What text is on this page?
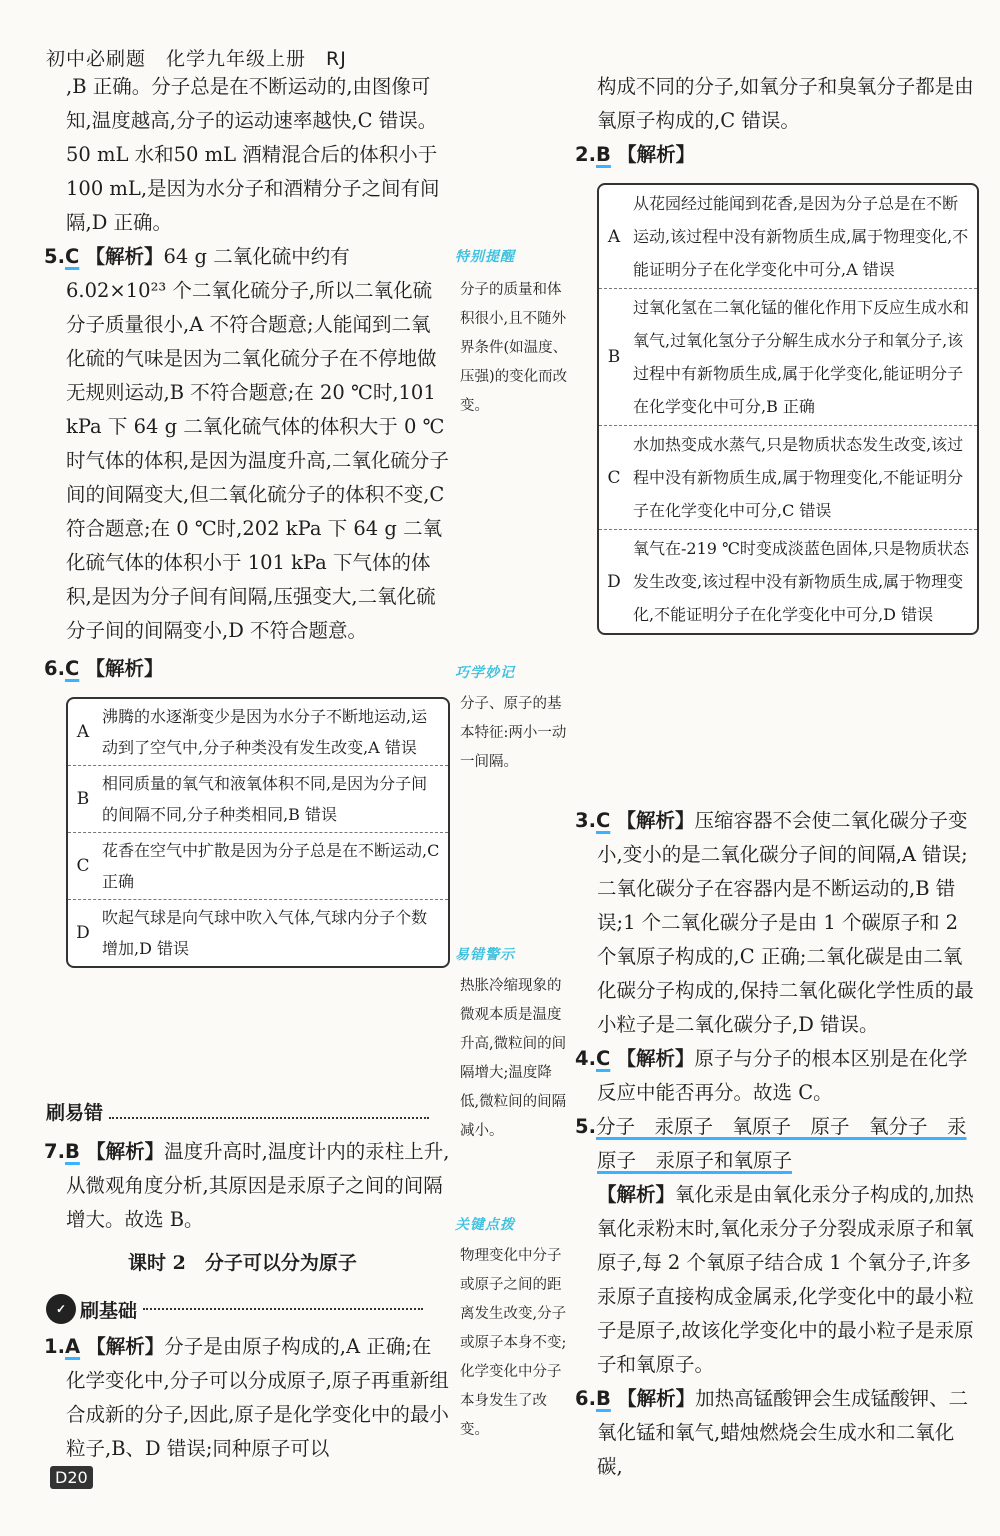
初中必刷题　化学九年级上册　RJ

,B 正确。分子总是在不断运动的,由图像可知,温度越高,分子的运动速率越快,C 错误。50 mL 水和50 mL 酒精混合后的体积小于 100 mL,是因为水分子和酒精分子之间有间隔,D 正确。

5.C 【解析】64 g 二氧化硫中约有 6.02×10²³ 个二氧化硫分子,所以二氧化硫分子质量很小,A 不符合题意;人能闻到二氧化硫的气味是因为二氧化硫分子在不停地做无规则运动,B 不符合题意;在 20 ℃时,101 kPa 下 64 g 二氧化硫气体的体积大于 0 ℃时气体的体积,是因为温度升高,二氧化硫分子间的间隔变大,但二氧化硫分子的体积不变,C 符合题意;在 0 ℃时,202 kPa 下 64 g 二氧化硫气体的体积小于 101 kPa 下气体的体积,是因为分子间有间隔,压强变大,二氧化硫分子间的间隔变小,D 不符合题意。

6.C 【解析】

A
沸腾的水逐渐变少是因为水分子不断地运动,运动到了空气中,分子种类没有发生改变,A 错误
B
相同质量的氧气和液氧体积不同,是因为分子间的间隔不同,分子种类相同,B 错误
C
花香在空气中扩散是因为分子总是在不断运动,C 正确
D
吹起气球是向气球中吹入气体,气球内分子个数增加,D 错误
刷易错

7.B 【解析】温度升高时,温度计内的汞柱上升,从微观角度分析,其原因是汞原子之间的间隔增大。故选 B。

课时 2　分子可以分为原子
✓ 刷基础

1.A 【解析】分子是由原子构成的,A 正确;在化学变化中,分子可以分成原子,原子再重新组合成新的分子,因此,原子是化学变化中的最小粒子,B、D 错误;同种原子可以

特别提醒
分子的质量和体积很小,且不随外界条件(如温度、压强)的变化而改变。
巧学妙记
分子、原子的基本特征:两小一动一间隔。
易错警示
热胀冷缩现象的微观本质是温度升高,微粒间的间隔增大;温度降低,微粒间的间隔减小。
关键点拨
物理变化中分子或原子之间的距离发生改变,分子或原子本身不变;化学变化中分子本身发生了改变。

构成不同的分子,如氧分子和臭氧分子都是由氧原子构成的,C 错误。

2.B 【解析】

A
从花园经过能闻到花香,是因为分子总是在不断运动,该过程中没有新物质生成,属于物理变化,不能证明分子在化学变化中可分,A 错误
B
过氧化氢在二氧化锰的催化作用下反应生成水和氧气,过氧化氢分子分解生成水分子和氧分子,该过程中有新物质生成,属于化学变化,能证明分子在化学变化中可分,B 正确
C
水加热变成水蒸气,只是物质状态发生改变,该过程中没有新物质生成,属于物理变化,不能证明分子在化学变化中可分,C 错误
D
氧气在-219 ℃时变成淡蓝色固体,只是物质状态发生改变,该过程中没有新物质生成,属于物理变化,不能证明分子在化学变化中可分,D 错误

3.C 【解析】压缩容器不会使二氧化碳分子变小,变小的是二氧化碳分子间的间隔,A 错误;二氧化碳分子在容器内是不断运动的,B 错误;1 个二氧化碳分子是由 1 个碳原子和 2 个氧原子构成的,C 正确;二氧化碳是由二氧化碳分子构成的,保持二氧化碳化学性质的最小粒子是二氧化碳分子,D 错误。

4.C 【解析】原子与分子的根本区别是在化学反应中能否再分。故选 C。

5.分子　汞原子　氧原子　原子　氧分子　汞原子　汞原子和氧原子

【解析】氧化汞是由氧化汞分子构成的,加热氧化汞粉末时,氧化汞分子分裂成汞原子和氧原子,每 2 个氧原子结合成 1 个氧分子,许多汞原子直接构成金属汞,化学变化中的最小粒子是原子,故该化学变化中的最小粒子是汞原子和氧原子。

6.B 【解析】加热高锰酸钾会生成锰酸钾、二氧化锰和氧气,蜡烛燃烧会生成水和二氧化碳,

D20
